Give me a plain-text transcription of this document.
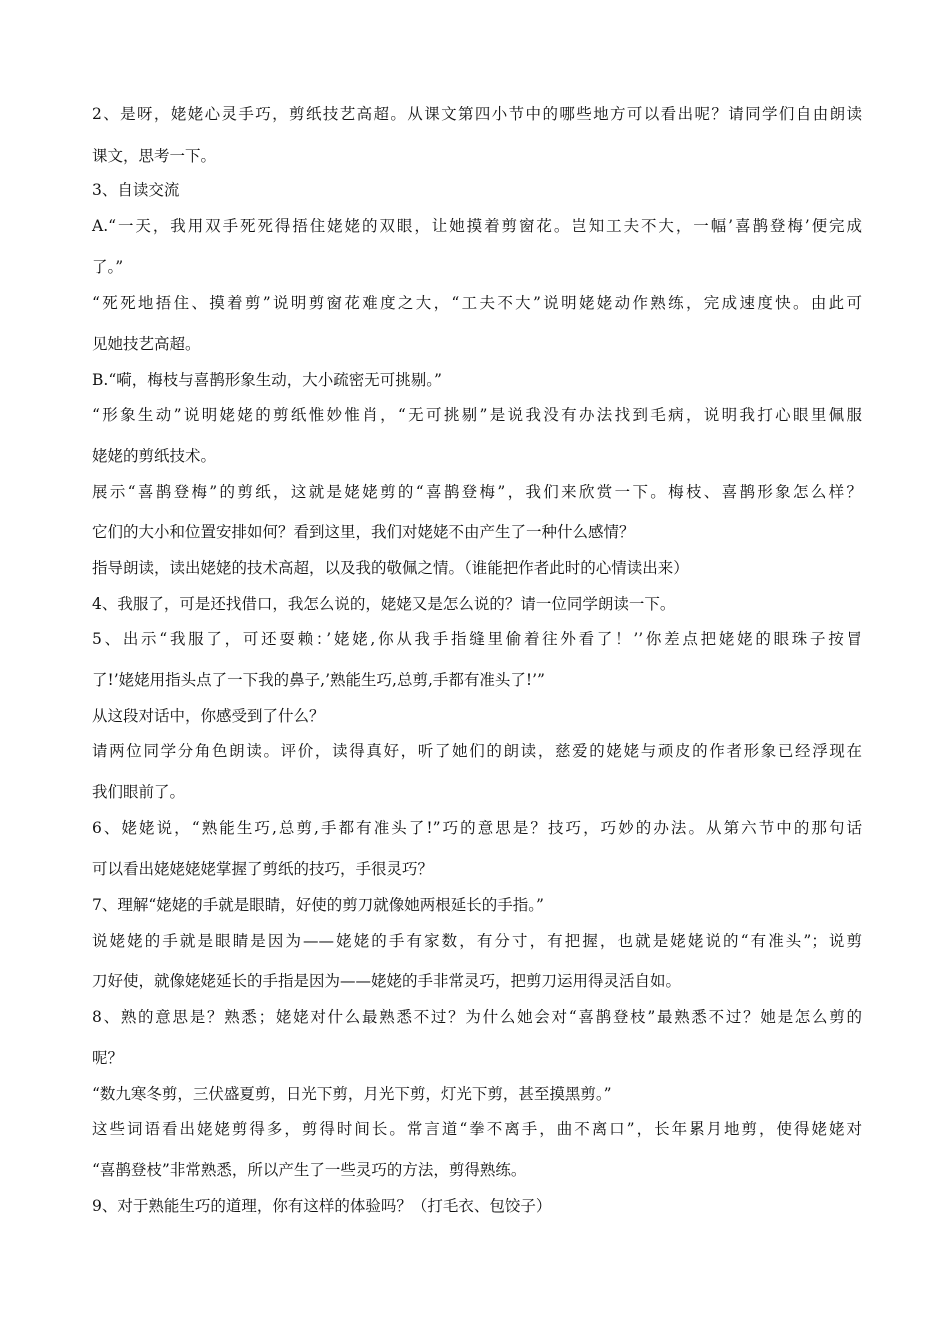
2、是呀，姥姥心灵手巧，剪纸技艺高超。从课文第四小节中的哪些地方可以看出呢？请同学们自由朗读
课文，思考一下。
3、自读交流
A.“一天，我用双手死死得捂住姥姥的双眼，让她摸着剪窗花。岂知工夫不大，一幅’喜鹊登梅’便完成
了。”
“死死地捂住、摸着剪”说明剪窗花难度之大，“工夫不大”说明姥姥动作熟练，完成速度快。由此可
见她技艺高超。
B.“嗬，梅枝与喜鹊形象生动，大小疏密无可挑剔。”
“形象生动”说明姥姥的剪纸惟妙惟肖，“无可挑剔”是说我没有办法找到毛病，说明我打心眼里佩服
姥姥的剪纸技术。
展示“喜鹊登梅”的剪纸，这就是姥姥剪的“喜鹊登梅”，我们来欣赏一下。梅枝、喜鹊形象怎么样？
它们的大小和位置安排如何？看到这里，我们对姥姥不由产生了一种什么感情？
指导朗读，读出姥姥的技术高超，以及我的敬佩之情。（谁能把作者此时的心情读出来）
4、我服了，可是还找借口，我怎么说的，姥姥又是怎么说的？请一位同学朗读一下。
5、出示“我服了，可还耍赖：’姥姥,你从我手指缝里偷着往外看了！’’你差点把姥姥的眼珠子按冒
了!’姥姥用指头点了一下我的鼻子,’熟能生巧,总剪,手都有准头了!’”
从这段对话中，你感受到了什么？
请两位同学分角色朗读。评价，读得真好，听了她们的朗读，慈爱的姥姥与顽皮的作者形象已经浮现在
我们眼前了。
6、姥姥说，“熟能生巧,总剪,手都有准头了!”巧的意思是？技巧，巧妙的办法。从第六节中的那句话
可以看出姥姥姥姥掌握了剪纸的技巧，手很灵巧？
7、理解“姥姥的手就是眼睛，好使的剪刀就像她两根延长的手指。”
说姥姥的手就是眼睛是因为——姥姥的手有家数，有分寸，有把握，也就是姥姥说的“有准头”；说剪
刀好使，就像姥姥延长的手指是因为——姥姥的手非常灵巧，把剪刀运用得灵活自如。
8、熟的意思是？熟悉；姥姥对什么最熟悉不过？为什么她会对“喜鹊登枝”最熟悉不过？她是怎么剪的
呢？
“数九寒冬剪，三伏盛夏剪，日光下剪，月光下剪，灯光下剪，甚至摸黑剪。”
这些词语看出姥姥剪得多，剪得时间长。常言道“拳不离手，曲不离口”，长年累月地剪，使得姥姥对
“喜鹊登枝”非常熟悉，所以产生了一些灵巧的方法，剪得熟练。
9、对于熟能生巧的道理，你有这样的体验吗？（打毛衣、包饺子）
